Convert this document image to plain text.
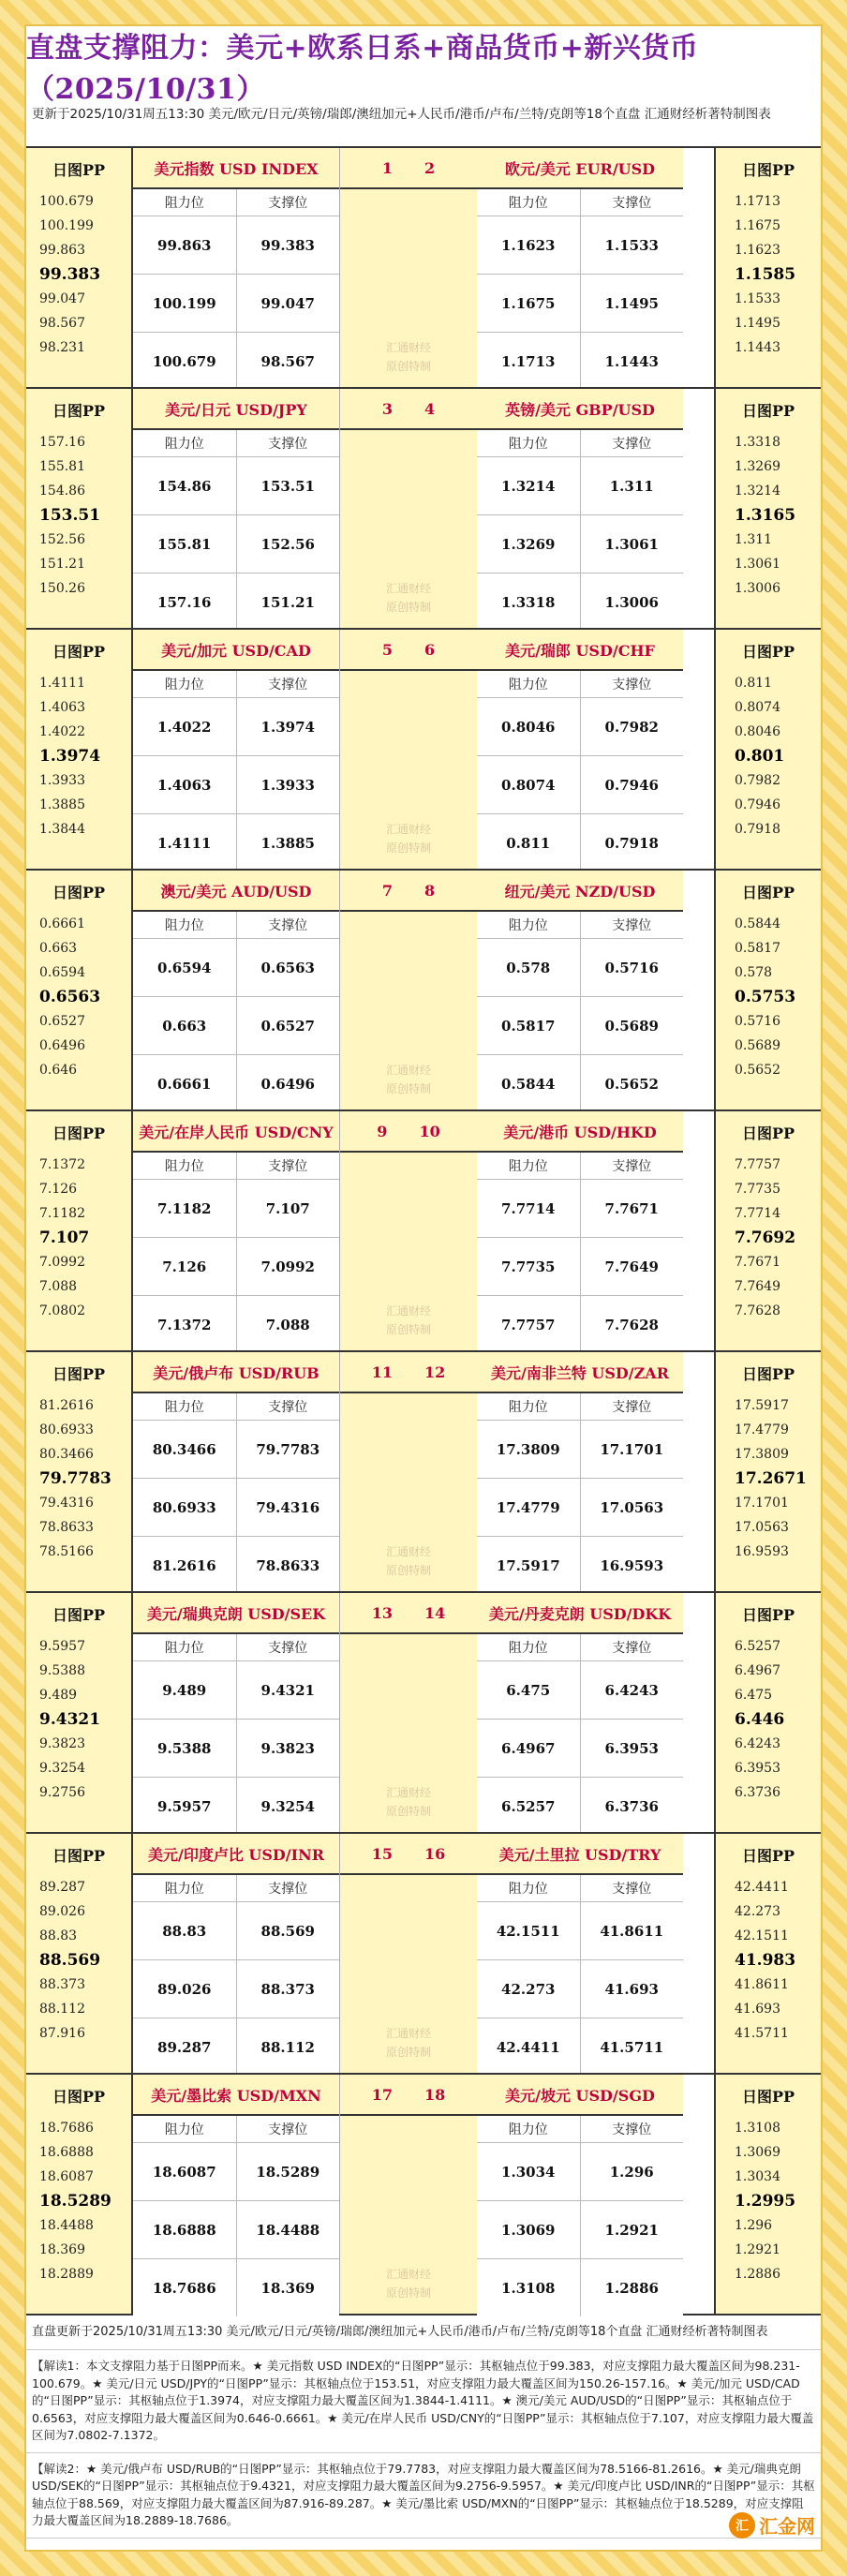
直盘支撑阻力：美元+欧系日系+商品货币+新兴货币（2025/10/31）
更新于2025/10/31周五13:30 美元/欧元/日元/英镑/瑞郎/澳纽加元+人民币/港币/卢布/兰特/克朗等18个直盘 汇通财经析著特制图表
日图PP
100.679
100.199
99.863
99.383
99.047
98.567
98.231
美元指数 USD INDEX
阻力位	支撑位
99.863	99.383
100.199	99.047
100.679	98.567
日图PP
1.1713
1.1675
1.1623
1.1585
1.1533
1.1495
1.1443
欧元/美元 EUR/USD
阻力位	支撑位
1.1623	1.1533
1.1675	1.1495
1.1713	1.1443
1 2
汇通财经
原创特制
日图PP
157.16
155.81
154.86
153.51
152.56
151.21
150.26
美元/日元 USD/JPY
阻力位	支撑位
154.86	153.51
155.81	152.56
157.16	151.21
日图PP
1.3318
1.3269
1.3214
1.3165
1.311
1.3061
1.3006
英镑/美元 GBP/USD
阻力位	支撑位
1.3214	1.311
1.3269	1.3061
1.3318	1.3006
3 4
汇通财经
原创特制
日图PP
1.4111
1.4063
1.4022
1.3974
1.3933
1.3885
1.3844
美元/加元 USD/CAD
阻力位	支撑位
1.4022	1.3974
1.4063	1.3933
1.4111	1.3885
日图PP
0.811
0.8074
0.8046
0.801
0.7982
0.7946
0.7918
美元/瑞郎 USD/CHF
阻力位	支撑位
0.8046	0.7982
0.8074	0.7946
0.811	0.7918
5 6
汇通财经
原创特制
日图PP
0.6661
0.663
0.6594
0.6563
0.6527
0.6496
0.646
澳元/美元 AUD/USD
阻力位	支撑位
0.6594	0.6563
0.663	0.6527
0.6661	0.6496
日图PP
0.5844
0.5817
0.578
0.5753
0.5716
0.5689
0.5652
纽元/美元 NZD/USD
阻力位	支撑位
0.578	0.5716
0.5817	0.5689
0.5844	0.5652
7 8
汇通财经
原创特制
日图PP
7.1372
7.126
7.1182
7.107
7.0992
7.088
7.0802
美元/在岸人民币 USD/CNY
阻力位	支撑位
7.1182	7.107
7.126	7.0992
7.1372	7.088
日图PP
7.7757
7.7735
7.7714
7.7692
7.7671
7.7649
7.7628
美元/港币 USD/HKD
阻力位	支撑位
7.7714	7.7671
7.7735	7.7649
7.7757	7.7628
9 10
汇通财经
原创特制
日图PP
81.2616
80.6933
80.3466
79.7783
79.4316
78.8633
78.5166
美元/俄卢布 USD/RUB
阻力位	支撑位
80.3466	79.7783
80.6933	79.4316
81.2616	78.8633
日图PP
17.5917
17.4779
17.3809
17.2671
17.1701
17.0563
16.9593
美元/南非兰特 USD/ZAR
阻力位	支撑位
17.3809	17.1701
17.4779	17.0563
17.5917	16.9593
11 12
汇通财经
原创特制
日图PP
9.5957
9.5388
9.489
9.4321
9.3823
9.3254
9.2756
美元/瑞典克朗 USD/SEK
阻力位	支撑位
9.489	9.4321
9.5388	9.3823
9.5957	9.3254
日图PP
6.5257
6.4967
6.475
6.446
6.4243
6.3953
6.3736
美元/丹麦克朗 USD/DKK
阻力位	支撑位
6.475	6.4243
6.4967	6.3953
6.5257	6.3736
13 14
汇通财经
原创特制
日图PP
89.287
89.026
88.83
88.569
88.373
88.112
87.916
美元/印度卢比 USD/INR
阻力位	支撑位
88.83	88.569
89.026	88.373
89.287	88.112
日图PP
42.4411
42.273
42.1511
41.983
41.8611
41.693
41.5711
美元/土里拉 USD/TRY
阻力位	支撑位
42.1511	41.8611
42.273	41.693
42.4411	41.5711
15 16
汇通财经
原创特制
日图PP
18.7686
18.6888
18.6087
18.5289
18.4488
18.369
18.2889
美元/墨比索 USD/MXN
阻力位	支撑位
18.6087	18.5289
18.6888	18.4488
18.7686	18.369
日图PP
1.3108
1.3069
1.3034
1.2995
1.296
1.2921
1.2886
美元/坡元 USD/SGD
阻力位	支撑位
1.3034	1.296
1.3069	1.2921
1.3108	1.2886
17 18
汇通财经
原创特制
直盘更新于2025/10/31周五13:30 美元/欧元/日元/英镑/瑞郎/澳纽加元+人民币/港币/卢布/兰特/克朗等18个直盘 汇通财经析著特制图表
【解读1：本文支撑阻力基于日图PP而来。★ 美元指数 USD INDEX的“日图PP”显示：其枢轴点位于99.383，对应支撑阻力最大覆盖区间为98.231-100.679。★ 美元/日元 USD/JPY的“日图PP”显示：其枢轴点位于153.51，对应支撑阻力最大覆盖区间为150.26-157.16。★ 美元/加元 USD/CAD的“日图PP”显示：其枢轴点位于1.3974，对应支撑阻力最大覆盖区间为1.3844-1.4111。★ 澳元/美元 AUD/USD的“日图PP”显示：其枢轴点位于0.6563，对应支撑阻力最大覆盖区间为0.646-0.6661。★ 美元/在岸人民币 USD/CNY的“日图PP”显示：其枢轴点位于7.107，对应支撑阻力最大覆盖区间为7.0802-7.1372。
【解读2：★ 美元/俄卢布 USD/RUB的“日图PP”显示：其枢轴点位于79.7783，对应支撑阻力最大覆盖区间为78.5166-81.2616。★ 美元/瑞典克朗 USD/SEK的“日图PP”显示：其枢轴点位于9.4321，对应支撑阻力最大覆盖区间为9.2756-9.5957。★ 美元/印度卢比 USD/INR的“日图PP”显示：其枢轴点位于88.569，对应支撑阻力最大覆盖区间为87.916-89.287。★ 美元/墨比索 USD/MXN的“日图PP”显示：其枢轴点位于18.5289，对应支撑阻力最大覆盖区间为18.2889-18.7686。	汇 汇金网
